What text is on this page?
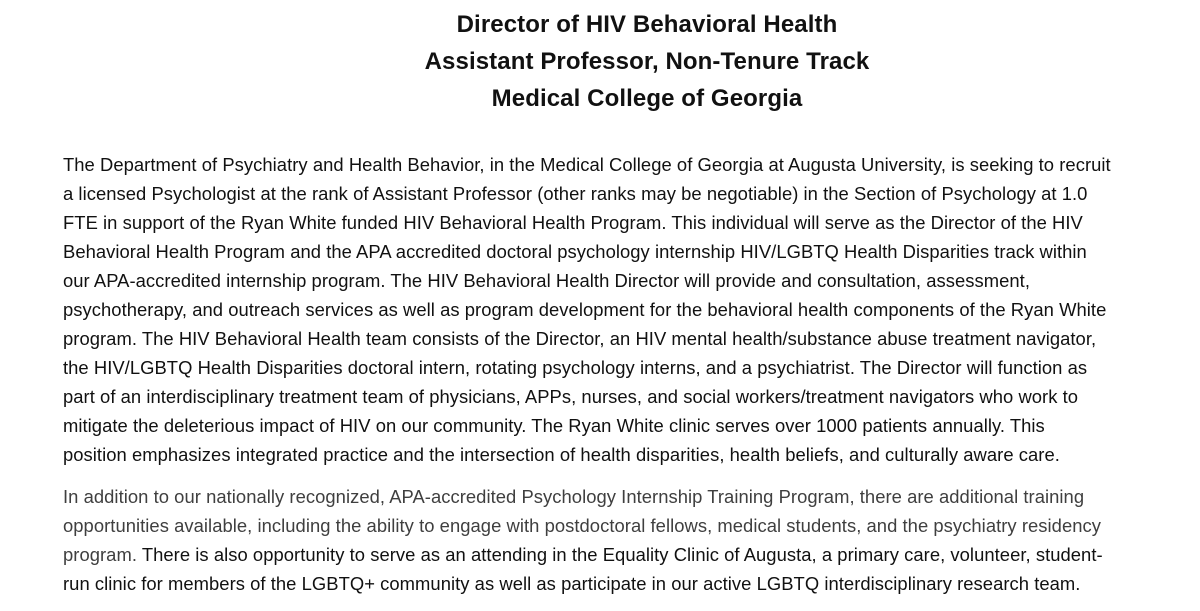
Director of HIV Behavioral Health
Assistant Professor, Non-Tenure Track
Medical College of Georgia

The Department of Psychiatry and Health Behavior, in the Medical College of Georgia at Augusta University, is seeking to recruit
a licensed Psychologist at the rank of Assistant Professor (other ranks may be negotiable) in the Section of Psychology at 1.0
FTE in support of the Ryan White funded HIV Behavioral Health Program. This individual will serve as the Director of the HIV
Behavioral Health Program and the APA accredited doctoral psychology internship HIV/LGBTQ Health Disparities track within
our APA-accredited internship program. The HIV Behavioral Health Director will provide and consultation, assessment,
psychotherapy, and outreach services as well as program development for the behavioral health components of the Ryan White
program. The HIV Behavioral Health team consists of the Director, an HIV mental health/substance abuse treatment navigator,
the HIV/LGBTQ Health Disparities doctoral intern, rotating psychology interns, and a psychiatrist. The Director will function as
part of an interdisciplinary treatment team of physicians, APPs, nurses, and social workers/treatment navigators who work to
mitigate the deleterious impact of HIV on our community. The Ryan White clinic serves over 1000 patients annually. This
position emphasizes integrated practice and the intersection of health disparities, health beliefs, and culturally aware care.

In addition to our nationally recognized, APA-accredited Psychology Internship Training Program, there are additional training
opportunities available, including the ability to engage with postdoctoral fellows, medical students, and the psychiatry residency
program. There is also opportunity to serve as an attending in the Equality Clinic of Augusta, a primary care, volunteer, student-
run clinic for members of the LGBTQ+ community as well as participate in our active LGBTQ interdisciplinary research team.
